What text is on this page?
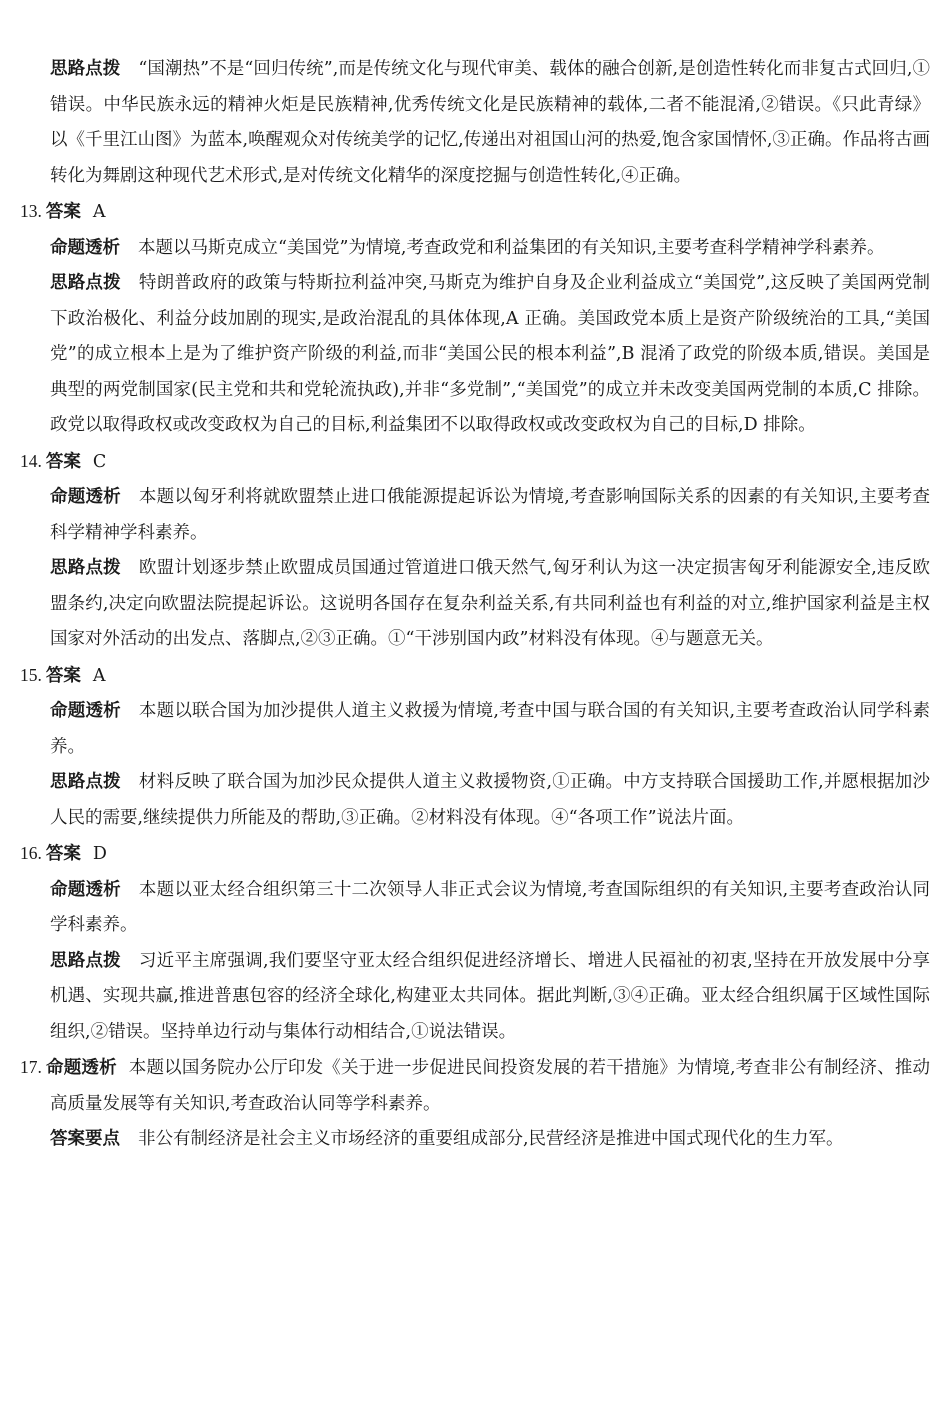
思路点拨 “国潮热”不是“回归传统”,而是传统文化与现代审美、载体的融合创新,是创造性转化而非复古式回归,①错误。中华民族永远的精神火炬是民族精神,优秀传统文化是民族精神的载体,二者不能混淆,②错误。《只此青绿》以《千里江山图》为蓝本,唤醒观众对传统美学的记忆,传递出对祖国山河的热爱,饱含家国情怀,③正确。作品将古画转化为舞剧这种现代艺术形式,是对传统文化精华的深度挖掘与创造性转化,④正确。
13. 答案 A
命题透析 本题以马斯克成立“美国党”为情境,考查政党和利益集团的有关知识,主要考查科学精神学科素养。
思路点拨 特朗普政府的政策与特斯拉利益冲突,马斯克为维护自身及企业利益成立“美国党”,这反映了美国两党制下政治极化、利益分歧加剧的现实,是政治混乱的具体体现,A 正确。美国政党本质上是资产阶级统治的工具,“美国党”的成立根本上是为了维护资产阶级的利益,而非“美国公民的根本利益”,B 混淆了政党的阶级本质,错误。美国是典型的两党制国家(民主党和共和党轮流执政),并非“多党制”,“美国党”的成立并未改变美国两党制的本质,C 排除。政党以取得政权或改变政权为自己的目标,利益集团不以取得政权或改变政权为自己的目标,D 排除。
14. 答案 C
命题透析 本题以匈牙利将就欧盟禁止进口俄能源提起诉讼为情境,考查影响国际关系的因素的有关知识,主要考查科学精神学科素养。
思路点拨 欧盟计划逐步禁止欧盟成员国通过管道进口俄天然气,匈牙利认为这一决定损害匈牙利能源安全,违反欧盟条约,决定向欧盟法院提起诉讼。这说明各国存在复杂利益关系,有共同利益也有利益的对立,维护国家利益是主权国家对外活动的出发点、落脚点,②③正确。①“干涉别国内政”材料没有体现。④与题意无关。
15. 答案 A
命题透析 本题以联合国为加沙提供人道主义救援为情境,考查中国与联合国的有关知识,主要考查政治认同学科素养。
思路点拨 材料反映了联合国为加沙民众提供人道主义救援物资,①正确。中方支持联合国援助工作,并愿根据加沙人民的需要,继续提供力所能及的帮助,③正确。②材料没有体现。④“各项工作”说法片面。
16. 答案 D
命题透析 本题以亚太经合组织第三十二次领导人非正式会议为情境,考查国际组织的有关知识,主要考查政治认同学科素养。
思路点拨 习近平主席强调,我们要坚守亚太经合组织促进经济增长、增进人民福祉的初衷,坚持在开放发展中分享机遇、实现共赢,推进普惠包容的经济全球化,构建亚太共同体。据此判断,③④正确。亚太经合组织属于区域性国际组织,②错误。坚持单边行动与集体行动相结合,①说法错误。
17. 命题透析 本题以国务院办公厅印发《关于进一步促进民间投资发展的若干措施》为情境,考查非公有制经济、推动高质量发展等有关知识,考查政治认同等学科素养。
答案要点 非公有制经济是社会主义市场经济的重要组成部分,民营经济是推进中国式现代化的生力军。
